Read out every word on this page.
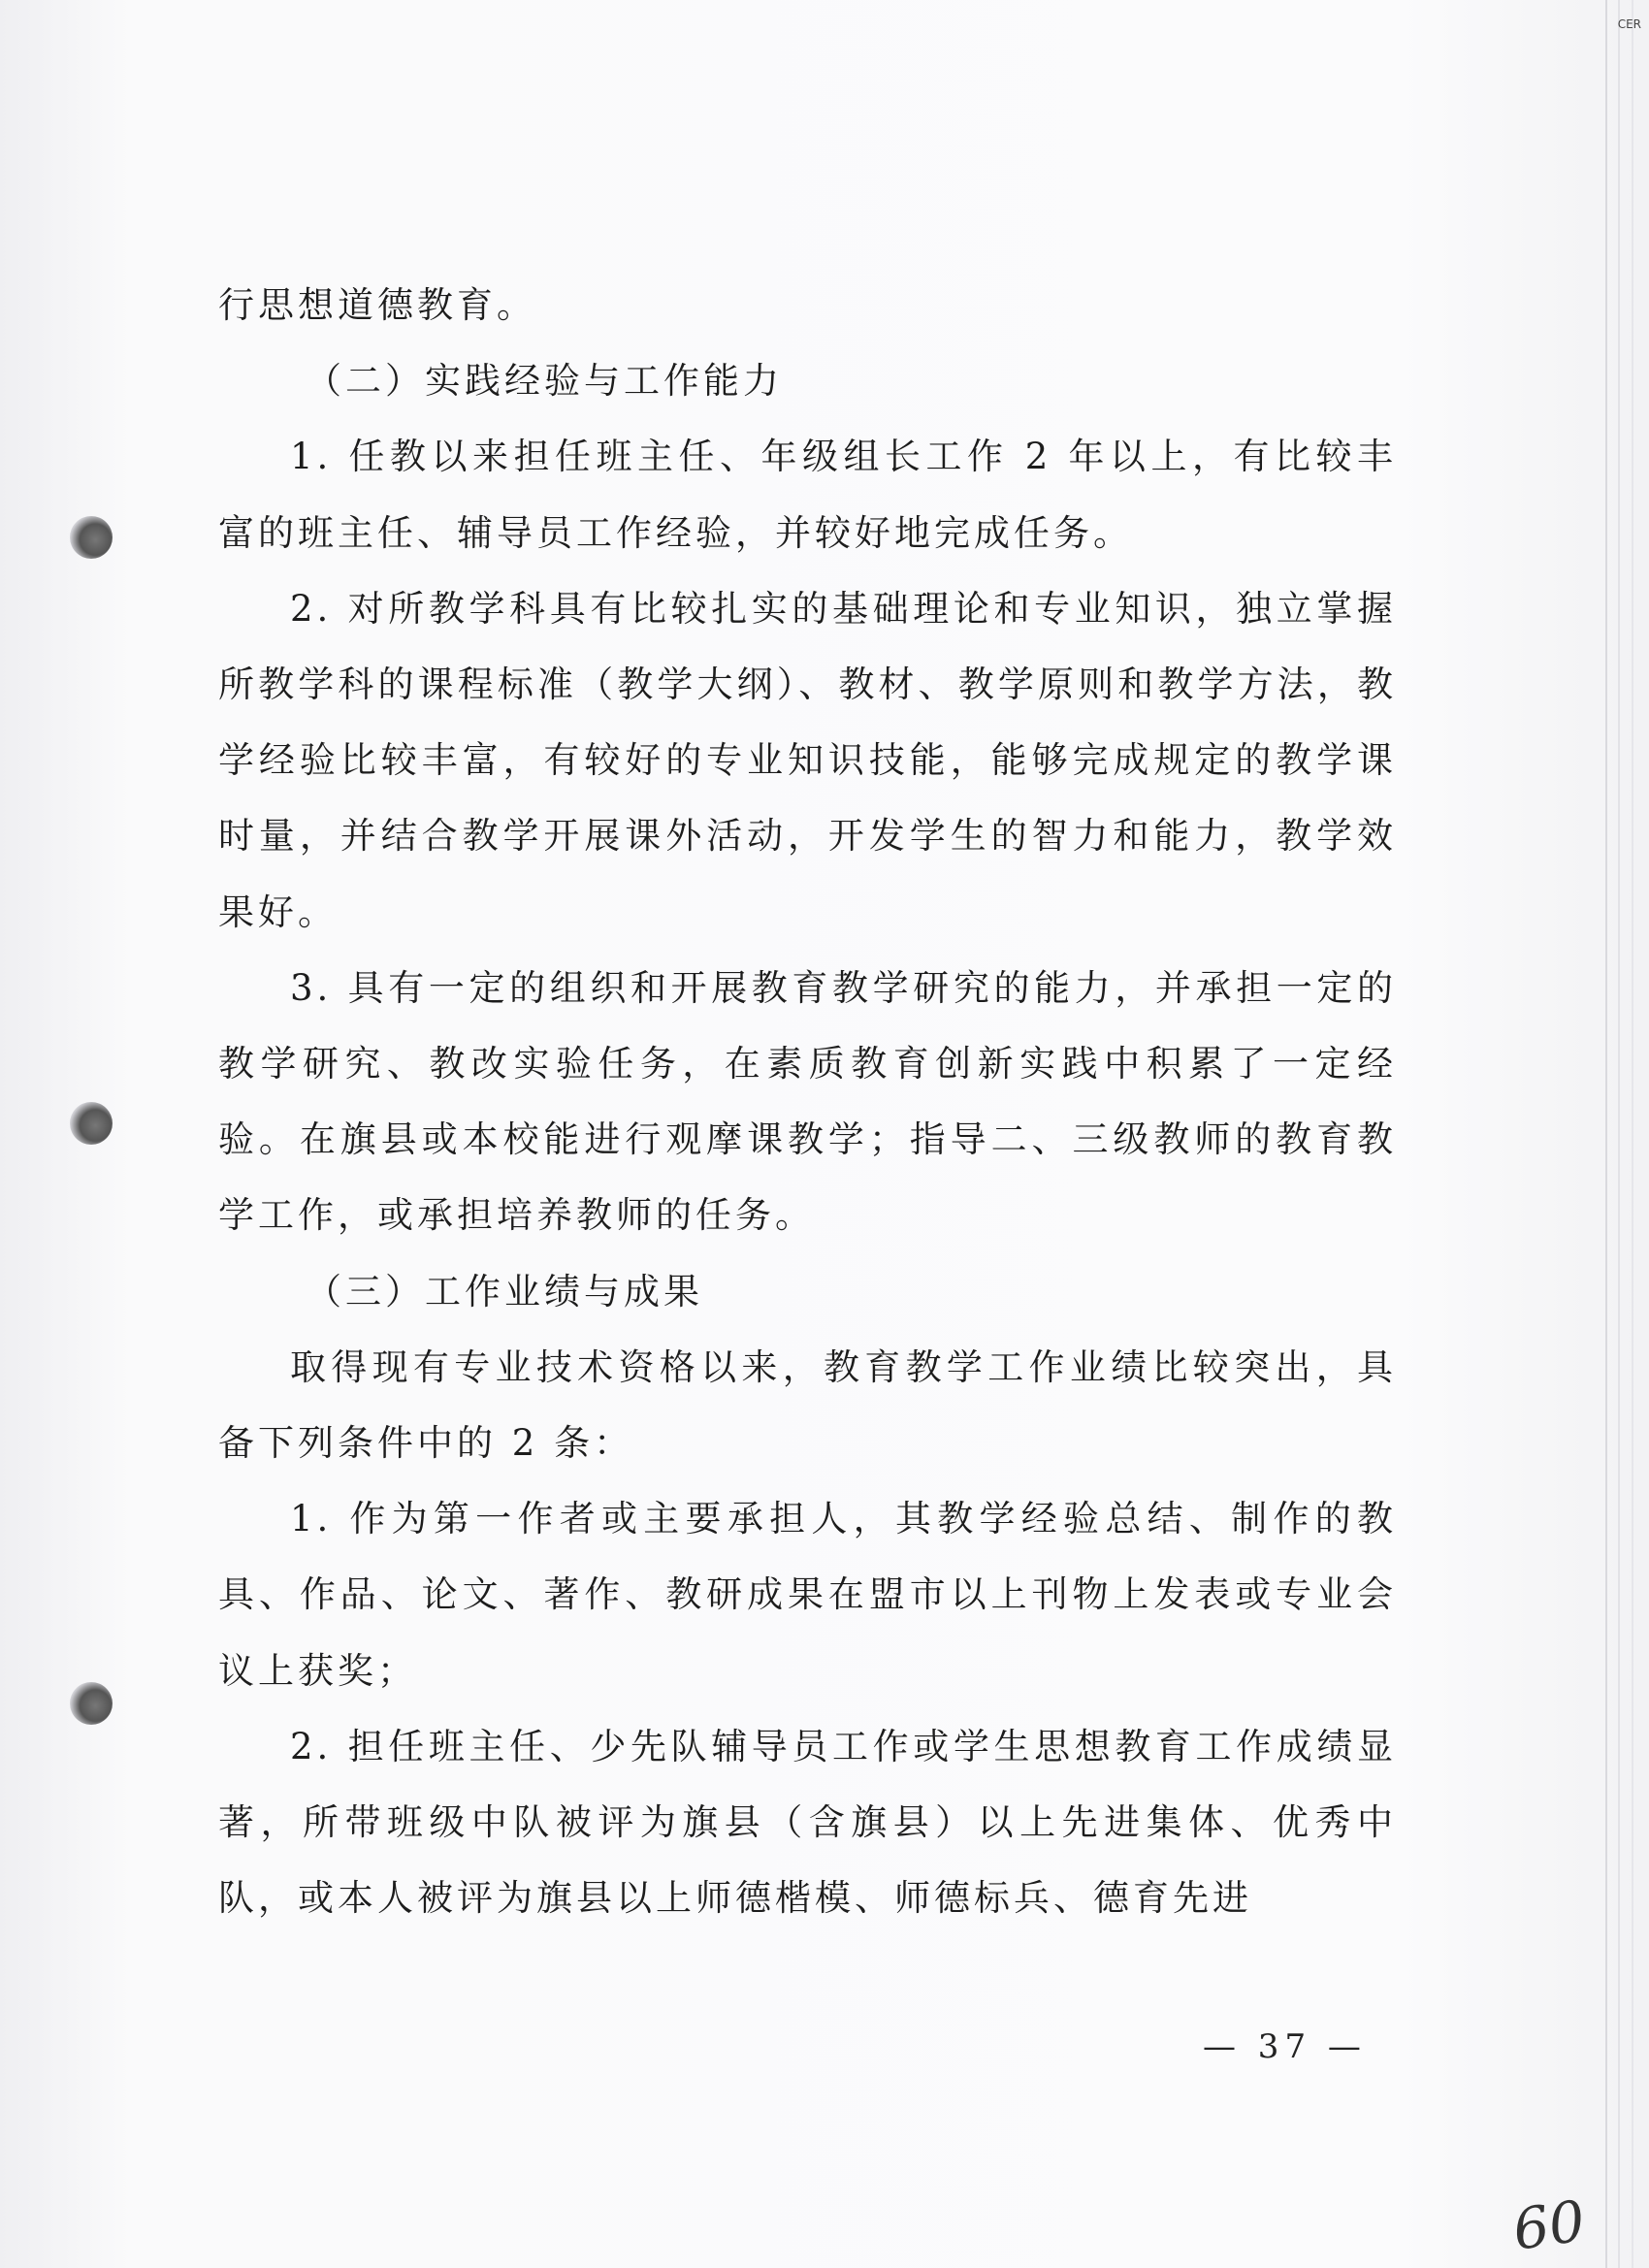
CER

行思想道德教育。

（二）实践经验与工作能力

1. 任教以来担任班主任、年级组长工作 2 年以上，有比较丰富的班主任、辅导员工作经验，并较好地完成任务。

2. 对所教学科具有比较扎实的基础理论和专业知识，独立掌握所教学科的课程标准（教学大纲）、教材、教学原则和教学方法，教学经验比较丰富，有较好的专业知识技能，能够完成规定的教学课时量，并结合教学开展课外活动，开发学生的智力和能力，教学效果好。

3. 具有一定的组织和开展教育教学研究的能力，并承担一定的教学研究、教改实验任务，在素质教育创新实践中积累了一定经验。在旗县或本校能进行观摩课教学；指导二、三级教师的教育教学工作，或承担培养教师的任务。

（三）工作业绩与成果

取得现有专业技术资格以来，教育教学工作业绩比较突出，具备下列条件中的 2 条：

1. 作为第一作者或主要承担人，其教学经验总结、制作的教具、作品、论文、著作、教研成果在盟市以上刊物上发表或专业会议上获奖；

2. 担任班主任、少先队辅导员工作或学生思想教育工作成绩显著，所带班级中队被评为旗县（含旗县）以上先进集体、优秀中队，或本人被评为旗县以上师德楷模、师德标兵、德育先进

— 37 —
60
